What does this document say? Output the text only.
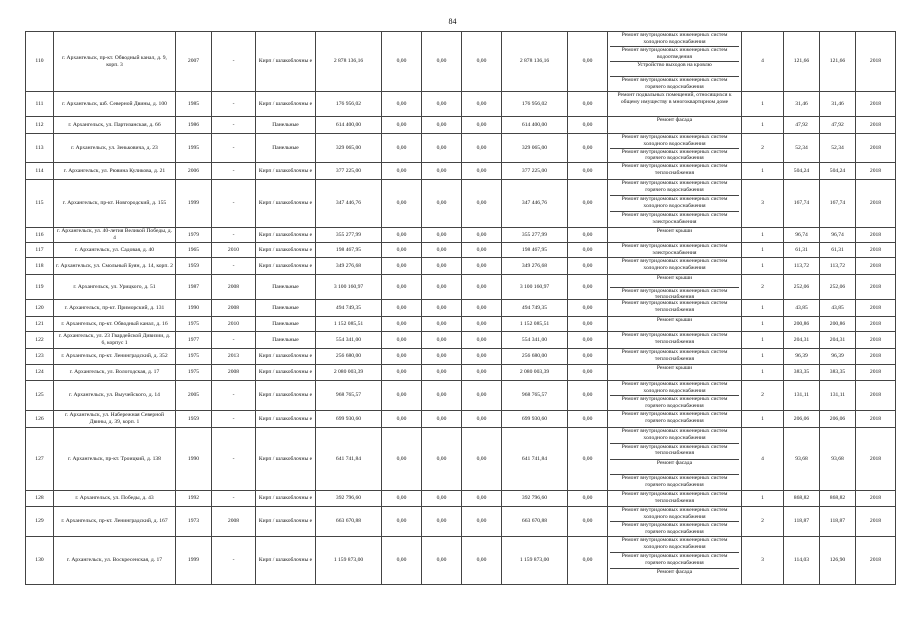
84
110	г. Архангельск, пр-кт. Обводный канал, д. 9, корп. 3	2007	-	Кирп / шлакоблочны е	2 878 136,16	0,00	0,00	0,00	2 878 136,16	0,00	Ремонт внутридомовых инженерных систем холодного водоснабжения
Ремонт внутридомовых инженерных систем водоотведения
Устройство выходов на кровлю
Ремонт внутридомовых инженерных систем горячего водоснабжения	4	121,66	121,66	2018
111	г. Архангельск, шб. Северной Двины, д. 100	1985	-	Кирп / шлакоблочны е	176 956,02	0,00	0,00	0,00	176 956,02	0,00	Ремонт подвальных помещений, относящихся к общему имуществу в многоквартирном доме	1	31,46	31,46	2018
112	г. Архангельск, ул. Партизанская, д. 66	1986	-	Панельные	614 400,00	0,00	0,00	0,00	614 400,00	0,00	Ремонт фасада	1	47,92	47,92	2018
113	г. Архангельск, ул. Зеньковича, д. 23	1995	-	Панельные	329 065,00	0,00	0,00	0,00	329 065,00	0,00	Ремонт внутридомовых инженерных систем холодного водоснабжения
Ремонт внутридомовых инженерных систем горячего водоснабжения	2	52,34	52,34	2018
114	г. Архангельск, ул. Рювина Куликова, д. 21	2006	-	Кирп / шлакоблочны е	377 225,00	0,00	0,00	0,00	377 225,00	0,00	Ремонт внутридомовых инженерных систем теплоснабжения	1	504,24	504,24	2018
115	г. Архангельск, пр-кт. Новгородский, д. 155	1999	-	Кирп / шлакоблочны е	347 446,76	0,00	0,00	0,00	347 446,76	0,00	Ремонт внутридомовых инженерных систем горячего водоснабжения
Ремонт внутридомовых инженерных систем холодного водоснабжения
Ремонт внутридомовых инженерных систем электроснабжения	3	167,74	167,74	2018
116	г. Архангельск, ул. 40-летия Великой Победы, д. 4	1979	-	Кирп / шлакоблочны е	355 277,99	0,00	0,00	0,00	355 277,99	0,00	Ремонт крыши	1	96,74	96,74	2018
117	г. Архангельск, ул. Садовая, д. 40	1965	2010	Кирп / шлакоблочны е	198 467,95	0,00	0,00	0,00	198 467,95	0,00	Ремонт внутридомовых инженерных систем электроснабжения	1	61,31	61,31	2018
118	г. Архангельск, ул. Смольный Буян, д. 14, корп. 2	1959	-	Кирп / шлакоблочны е	349 276,68	0,00	0,00	0,00	349 276,68	0,00	Ремонт внутридомовых инженерных систем холодного водоснабжения	1	113,72	113,72	2018
119	г. Архангельск, ул. Урицкого, д. 51	1987	2008	Панельные	3 100 160,97	0,00	0,00	0,00	3 100 160,97	0,00	Ремонт крыши
Ремонт внутридомовых инженерных систем теплоснабжения	2	252,06	252,06	2018
120	г. Архангельск, пр-кт. Приморский, д. 131	1990	2008	Панельные	494 749,35	0,00	0,00	0,00	494 749,35	0,00	Ремонт внутридомовых инженерных систем теплоснабжения	1	43,85	43,85	2018
121	г. Архангельск, пр-кт. Обводный канал, д. 16	1975	2010	Панельные	1 152 085,51	0,00	0,00	0,00	1 152 085,51	0,00	Ремонт крыши	1	200,86	200,86	2018
122	г. Архангельск, ул. 23 Гвардейской Дивизии, д. 6, корпус 1	1977	-	Панельные	554 341,00	0,00	0,00	0,00	554 341,00	0,00	Ремонт внутридомовых инженерных систем теплоснабжения	1	204,31	204,31	2018
123	г. Архангельск, пр-кт. Ленинградский, д. 352	1975	2013	Кирп / шлакоблочны е	256 680,00	0,00	0,00	0,00	256 680,00	0,00	Ремонт внутридомовых инженерных систем теплоснабжения	1	96,39	96,39	2018
124	г. Архангельск, ул. Вологодская, д. 17	1975	2008	Кирп / шлакоблочны е	2 080 003,39	0,00	0,00	0,00	2 080 003,39	0,00	Ремонт крыши	1	383,35	383,35	2018
125	г. Архангельск, ул. Выучейского, д. 14	2005	-	Кирп / шлакоблочны е	968 765,57	0,00	0,00	0,00	968 765,57	0,00	Ремонт внутридомовых инженерных систем холодного водоснабжения
Ремонт внутридомовых инженерных систем горячего водоснабжения	2	131,11	131,11	2018
126	г. Архангельск, ул. Набережная Северной Двины, д. 39, корп. 1	1959	-	Кирп / шлакоблочны е	699 930,60	0,00	0,00	0,00	699 930,60	0,00	Ремонт внутридомовых инженерных систем горячего водоснабжения	1	206,06	206,06	2018
127	г. Архангельск, пр-кт. Троицкий, д. 138	1990	-	Кирп / шлакоблочны е	641 741,84	0,00	0,00	0,00	641 741,84	0,00	Ремонт внутридомовых инженерных систем холодного водоснабжения
Ремонт внутридомовых инженерных систем теплоснабжения
Ремонт фасада
Ремонт внутридомовых инженерных систем горячего водоснабжения	4	93,68	93,68	2018
128	г. Архангельск, ул. Победы, д. 43	1992	-	Кирп / шлакоблочны е	392 796,60	0,00	0,00	0,00	392 796,60	0,00	Ремонт внутридомовых инженерных систем теплоснабжения	1	868,82	868,82	2018
129	г. Архангельск, пр-кт. Ленинградский, д. 167	1973	2008	Кирп / шлакоблочны е	663 670,88	0,00	0,00	0,00	663 670,88	0,00	Ремонт внутридомовых инженерных систем холодного водоснабжения
Ремонт внутридомовых инженерных систем горячего водоснабжения	2	118,87	118,87	2018
130	г. Архангельск, ул. Воскресенская, д. 17	1999	-	Кирп / шлакоблочны е	1 159 873,00	0,00	0,00	0,00	1 159 873,00	0,00	Ремонт внутридомовых инженерных систем холодного водоснабжения
Ремонт внутридомовых инженерных систем горячего водоснабжения
Ремонт фасада	3	114,03	126,90	2018
